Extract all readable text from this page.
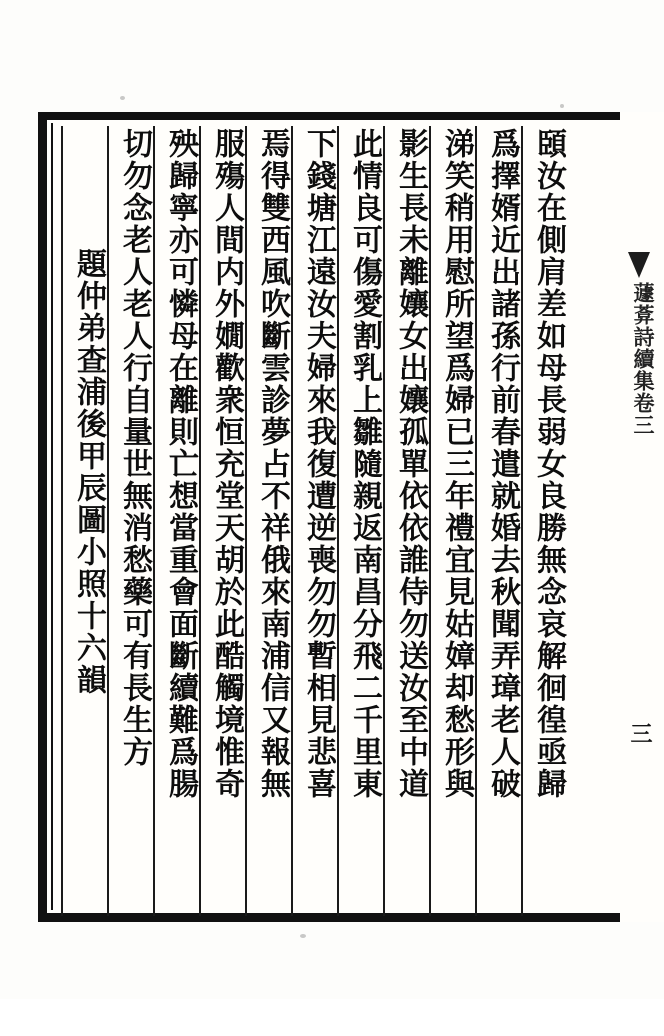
頣汝在側肩差如母長弱女良勝無念哀解徊徨亟歸
爲擇婿近出諸孫行前春遣就婚去秋聞弄璋老人破
涕笑稍用慰所望爲婦已三年禮宜見姑嫜却愁形與
影生長未離孃女出孃孤單依依誰侍勿送汝至中道
此情良可傷愛割乳上雛隨親返南昌分飛二千里東
下錢塘江遠汝夫婦來我復遭逆喪勿勿暫相見悲喜
焉得雙西風吹斷雲診夢占不祥俄來南浦信又報無
服殤人間内外嫺歡衆恒充堂天胡於此酷觸境惟奇
殃歸寧亦可憐母在離則亡想當重會面斷續難爲腸
切勿念老人老人行自量世無消愁藥可有長生方
題仲弟查浦後甲辰圖小照十六韻	蘧葊詩續集卷三
三
